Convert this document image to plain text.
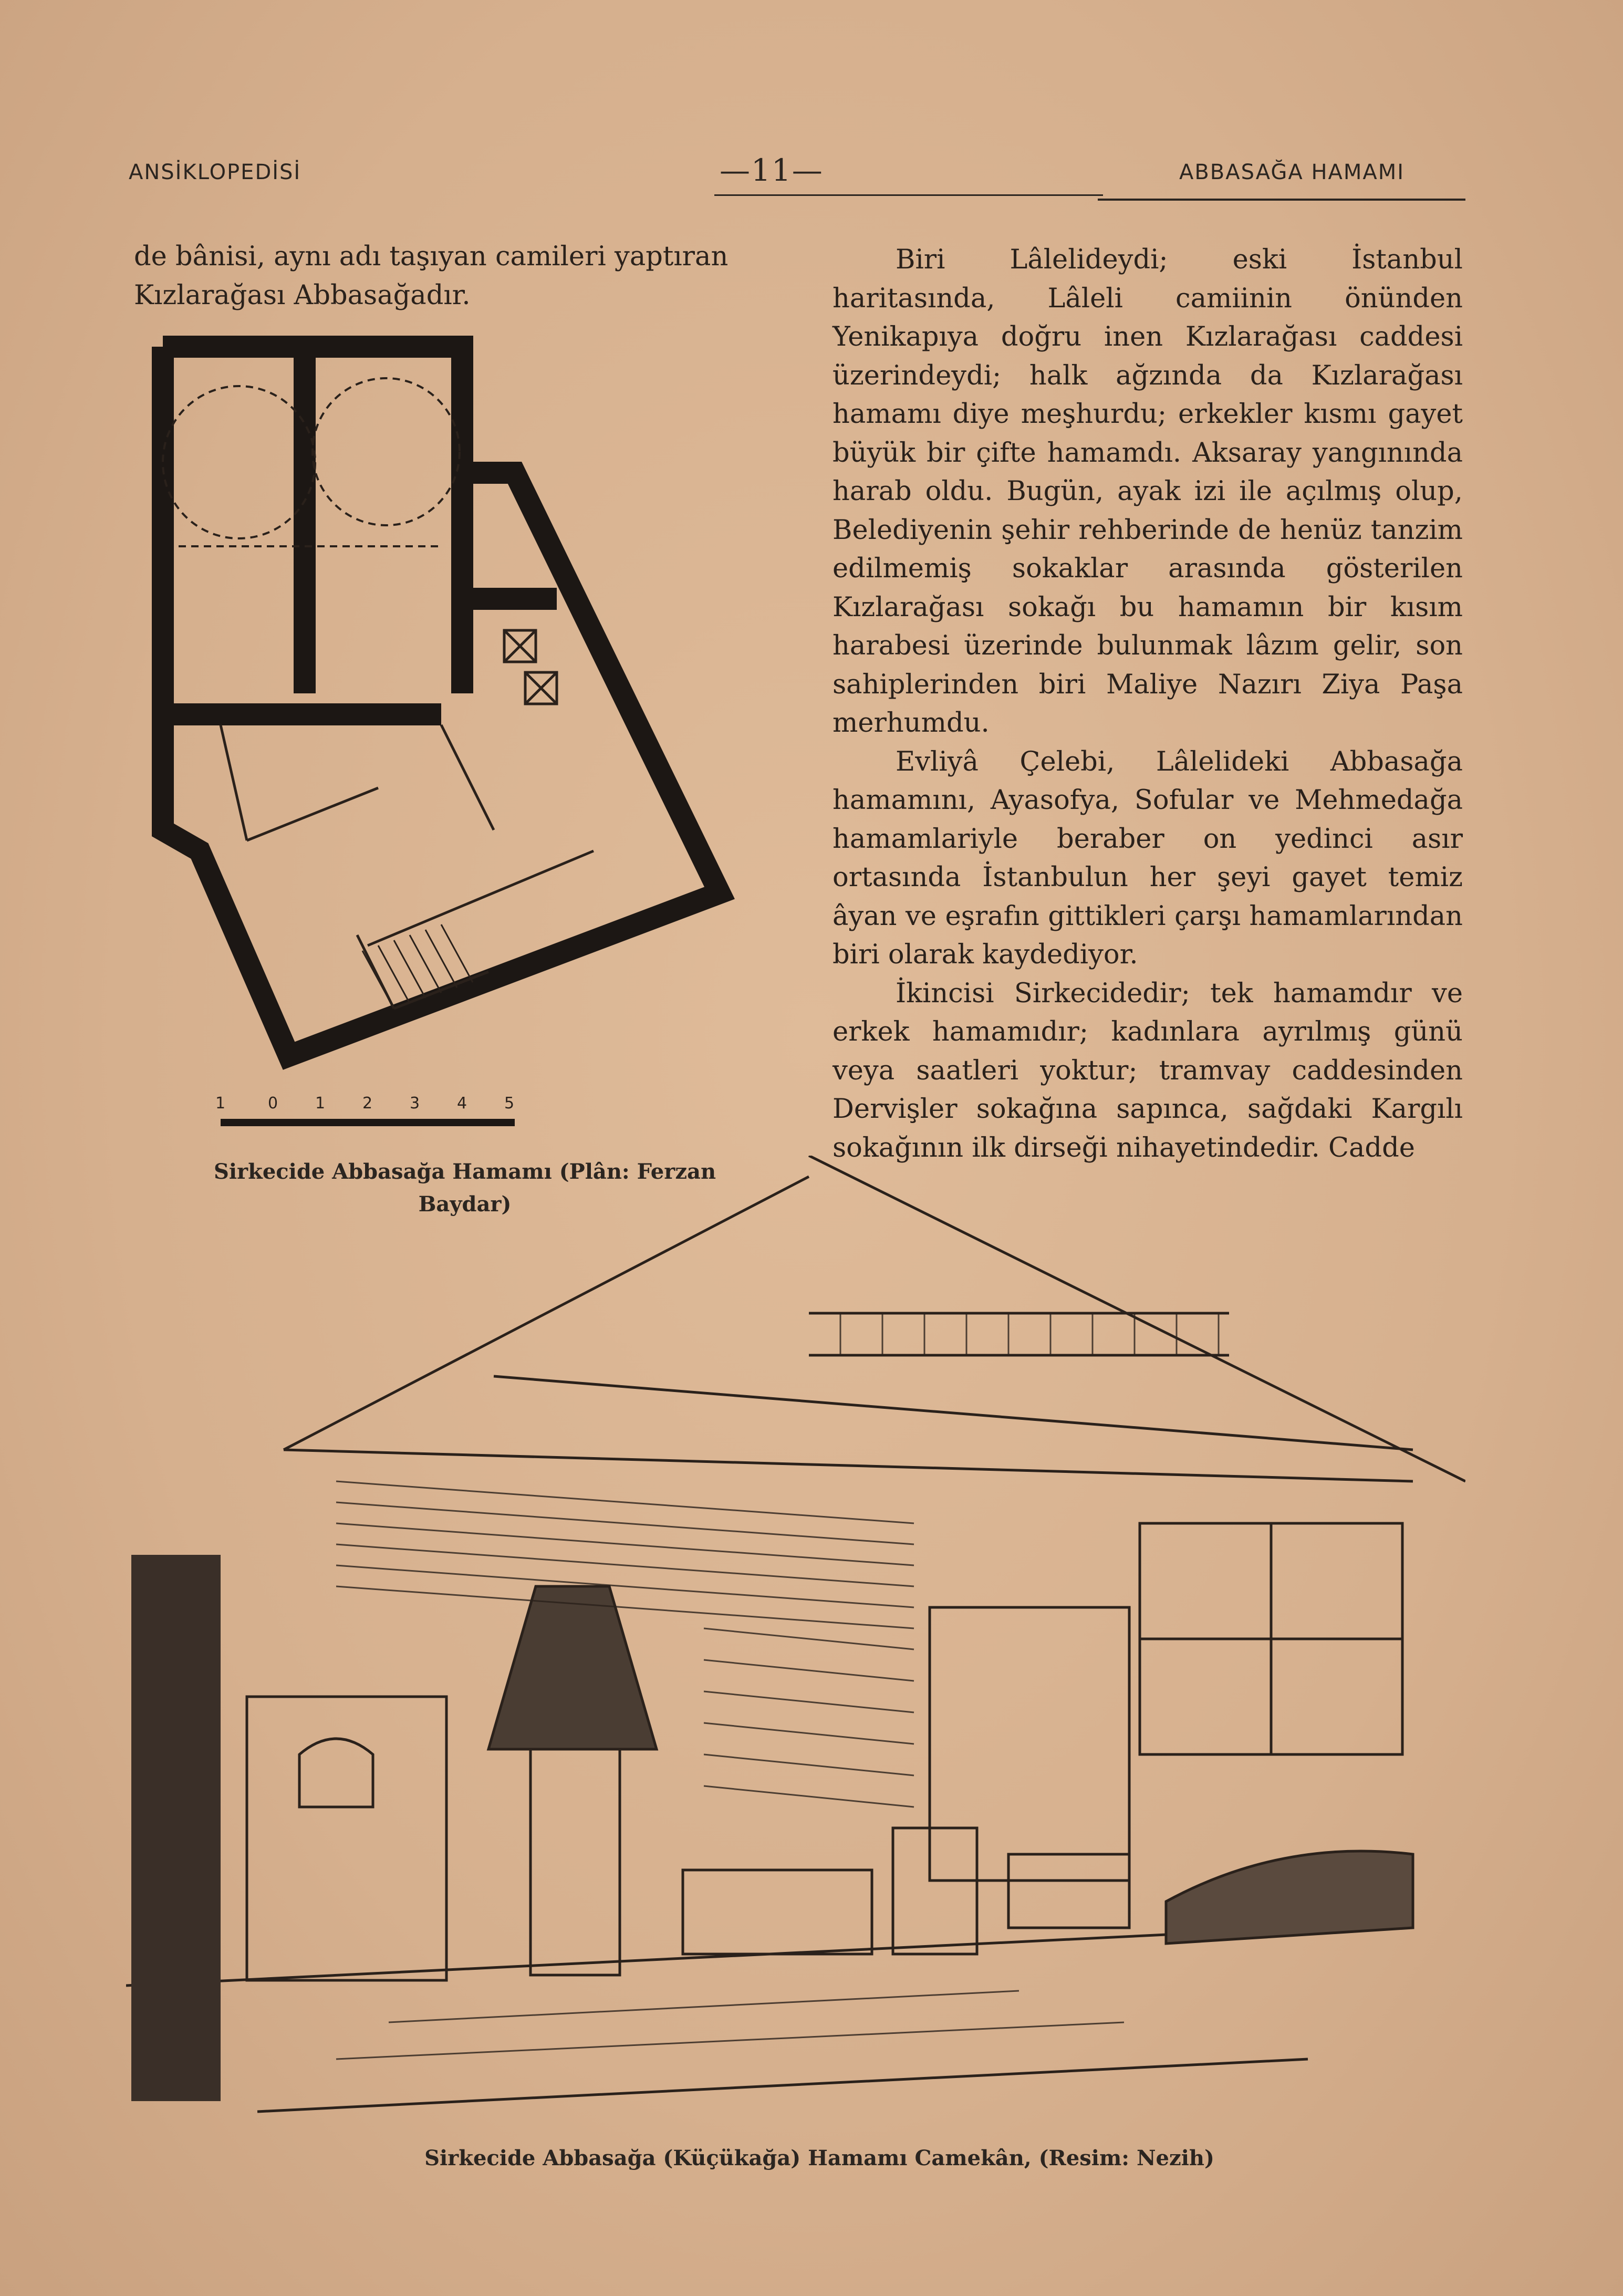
ANSİKLOPEDİSİ	—11—	ABBASAĞA HAMAMI

de bânisi, aynı adı taşıyan camileri yaptıran

Kızlarağası Abbasağadır.

Biri Lâlelideydi; eski İstanbul haritasında, Lâleli camiinin önünden Yenikapıya doğru inen Kızlarağası caddesi üzerindeydi; halk ağzında da Kızlarağası hamamı diye meşhurdu; erkekler kısmı gayet büyük bir çifte hamamdı. Aksaray yangınında harab oldu. Bugün, ayak izi ile açılmış olup, Belediyenin şehir rehberinde de henüz tanzim edilmemiş sokaklar arasında gösterilen Kızlarağası sokağı bu hamamın bir kısım harabesi üzerinde bulunmak lâzım gelir, son sahiplerinden biri Maliye Nazırı Ziya Paşa merhumdu.

Evliyâ Çelebi, Lâlelideki Abbasağa hamamını, Ayasofya, Sofular ve Mehmedağa hamamlariyle beraber on yedinci asır ortasında İstanbulun her şeyi gayet temiz âyan ve eşrafın gittikleri çarşı hamamlarından biri olarak kaydediyor.

İkincisi Sirkecidedir; tek hamamdır ve erkek hamamıdır; kadınlara ayrılmış günü veya saatleri yoktur; tramvay caddesinden Dervişler sokağına sapınca, sağdaki Kargılı sokağının ilk dirseği nihayetindedir. Cadde

1	0 1 2 3 4 5
Sirkecide Abbasağa Hamamı (Plân: Ferzan Baydar)
Sirkecide Abbasağa (Küçükağa) Hamamı Camekân, (Resim: Nezih)
